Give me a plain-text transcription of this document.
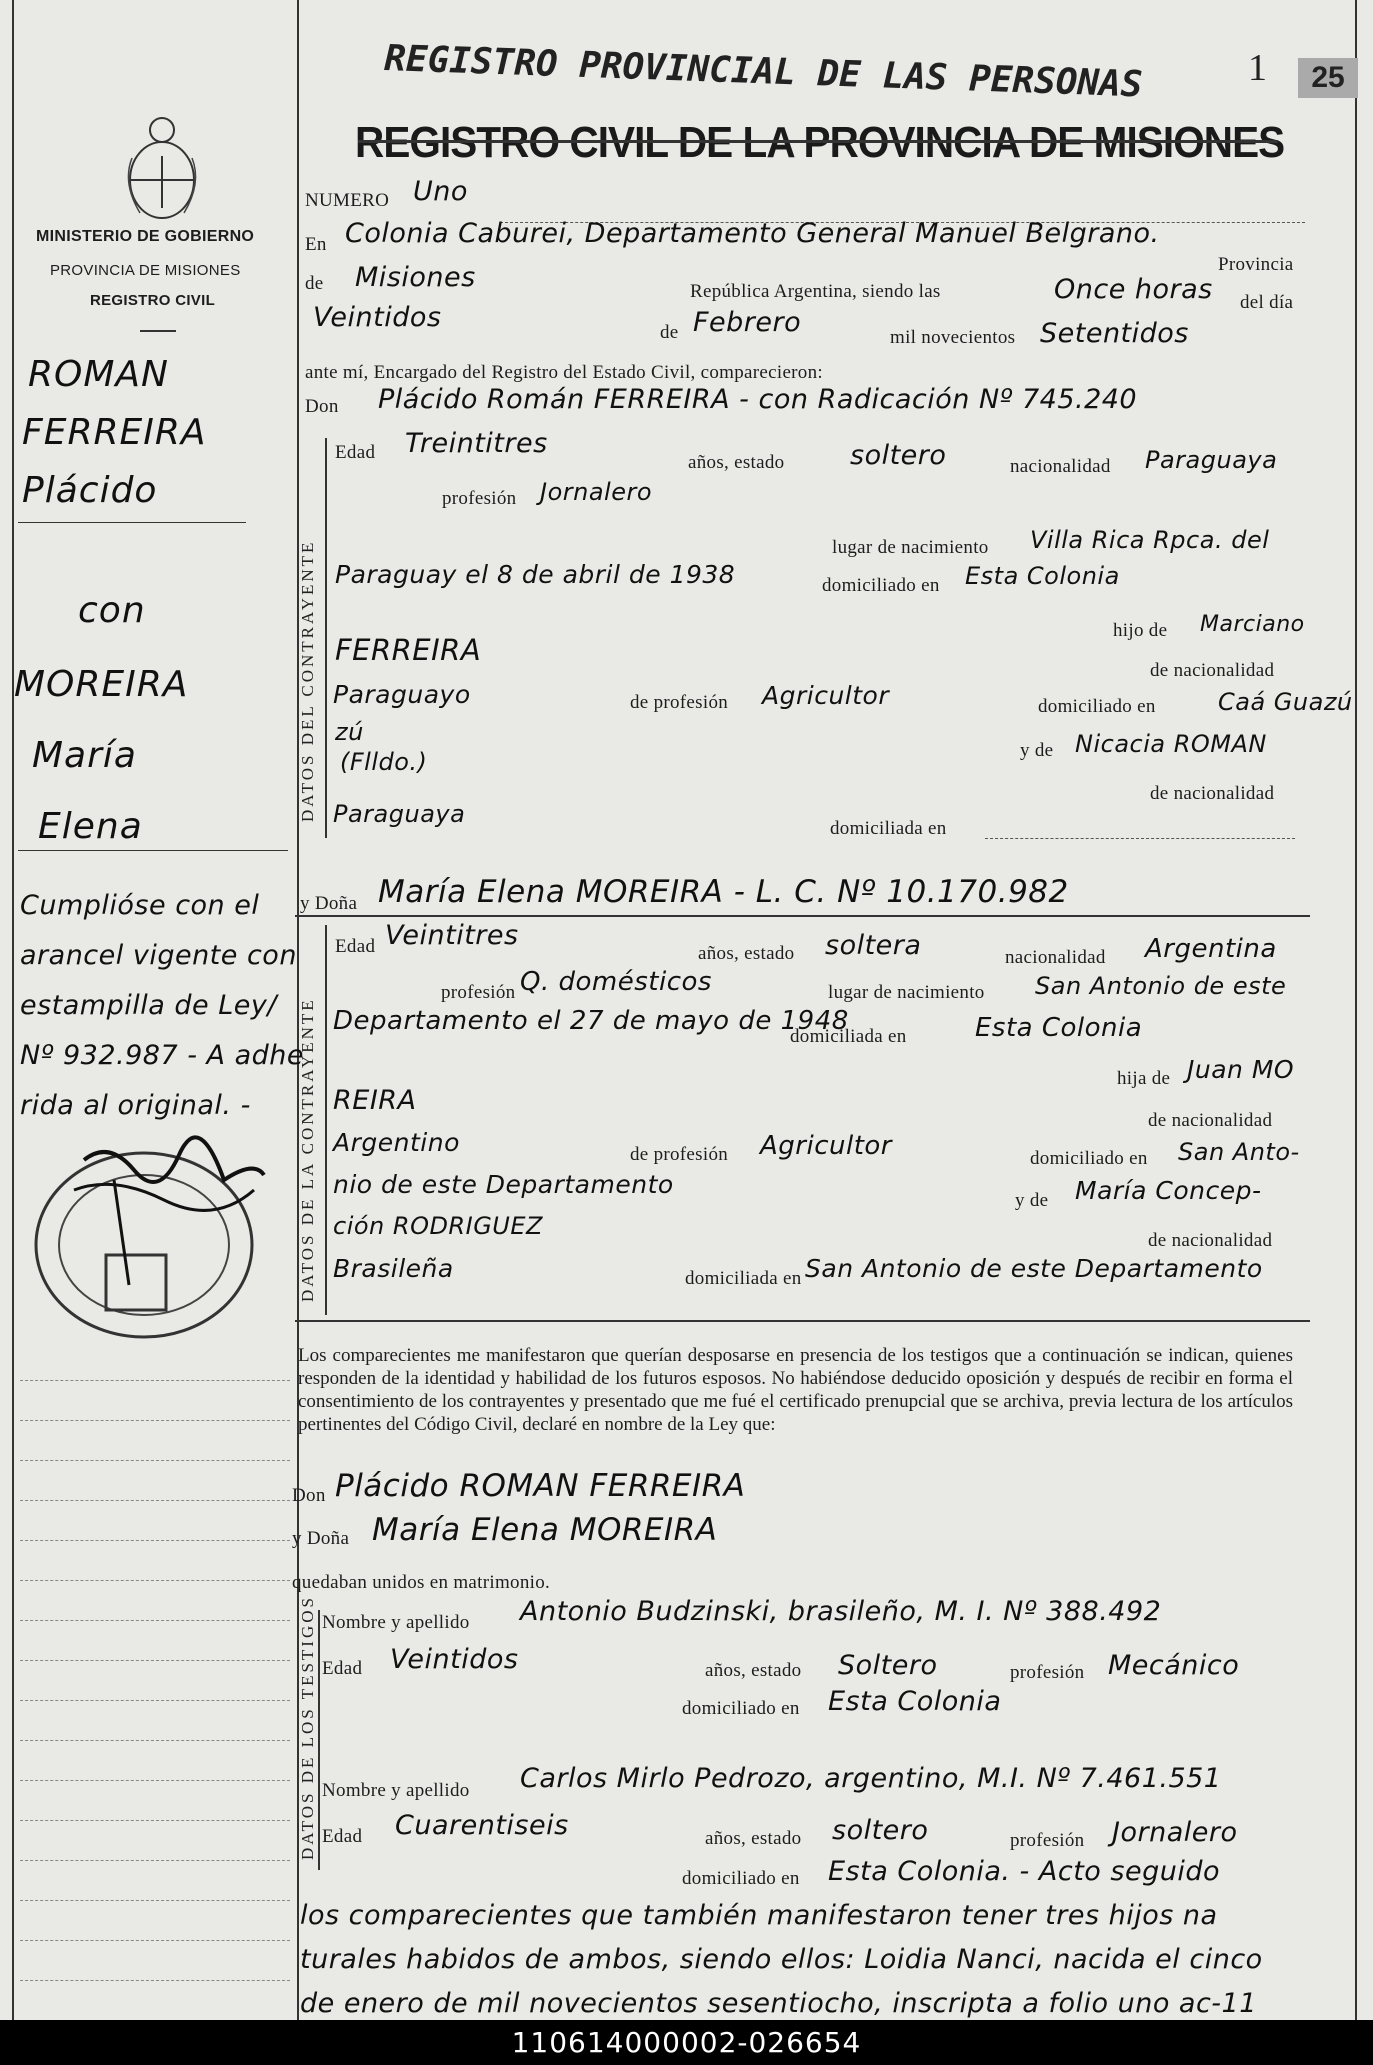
MINISTERIO DE GOBIERNO
PROVINCIA DE MISIONES
REGISTRO CIVIL
ROMAN
FERREIRA
Plácido
con
MOREIRA
María
Elena
Cumplióse con el
arancel vigente con
estampilla de Ley/
Nº 932.987 - A adhe
rida al original. -
REGISTRO PROVINCIAL DE LAS PERSONAS	1	25
REGISTRO CIVIL DE LA PROVINCIA DE MISIONES
NUMERO Uno
En Colonia Caburei, Departamento General Manuel Belgrano.
Provincia
de Misiones	República Argentina, siendo las	Once horas del día
Veintidos	de Febrero	mil novecientos Setentidos
ante mí, Encargado del Registro del Estado Civil, comparecieron:
Don Plácido Román FERREIRA - con Radicación Nº 745.240
DATOS DEL CONTRAYENTE
Edad Treintitres
años, estado soltero	nacionalidad Paraguaya
profesión Jornalero
lugar de nacimiento Villa Rica Rpca. del
Paraguay el 8 de abril de 1938	domiciliado en Esta Colonia
hijo de Marciano
FERREIRA
de nacionalidad
Paraguayo	de profesión Agricultor	domiciliado en	Caá Guazú
zú
(Flldo.)	y de Nicacia ROMAN
de nacionalidad
Paraguaya
domiciliada en
y Doña María Elena MOREIRA - L. C. Nº 10.170.982
DATOS DE LA CONTRAYENTE
Edad Veintitres
años, estado soltera	nacionalidad Argentina
profesión Q. domésticos	lugar de nacimiento San Antonio de este
Departamento el 27 de mayo de 1948
domiciliada en	Esta Colonia
hija de Juan MO
REIRA
de nacionalidad
Argentino	de profesión Agricultor	domiciliado en San Anto-
nio de este Departamento
y de María Concep-
ción RODRIGUEZ
de nacionalidad
Brasileña	domiciliada en San Antonio de este Departamento
Los comparecientes me manifestaron que querían desposarse en presencia de los testigos que a continuación se indican, quienes responden de la identidad y habilidad de los futuros esposos. No habiéndose deducido oposición y después de recibir en forma el consentimiento de los contrayentes y presentado que me fué el certificado prenupcial que se archiva, previa lectura de los artículos pertinentes del Código Civil, declaré en nombre de la Ley que:
Don Plácido ROMAN FERREIRA
y Doña María Elena MOREIRA
quedaban unidos en matrimonio.
DATOS DE LOS TESTIGOS Nombre y apellido Antonio Budzinski, brasileño, M. I. Nº 388.492
Edad Veintidos	años, estado Soltero	profesión Mecánico
domiciliado en Esta Colonia
Nombre y apellido Carlos Mirlo Pedrozo, argentino, M.I. Nº 7.461.551
Edad Cuarentiseis	años, estado soltero	profesión Jornalero
domiciliado en Esta Colonia. - Acto seguido
los comparecientes que también manifestaron tener tres hijos na
turales habidos de ambos, siendo ellos: Loidia Nanci, nacida el cinco
de enero de mil novecientos sesentiocho, inscripta a folio uno ac-11
110614000002-026654
